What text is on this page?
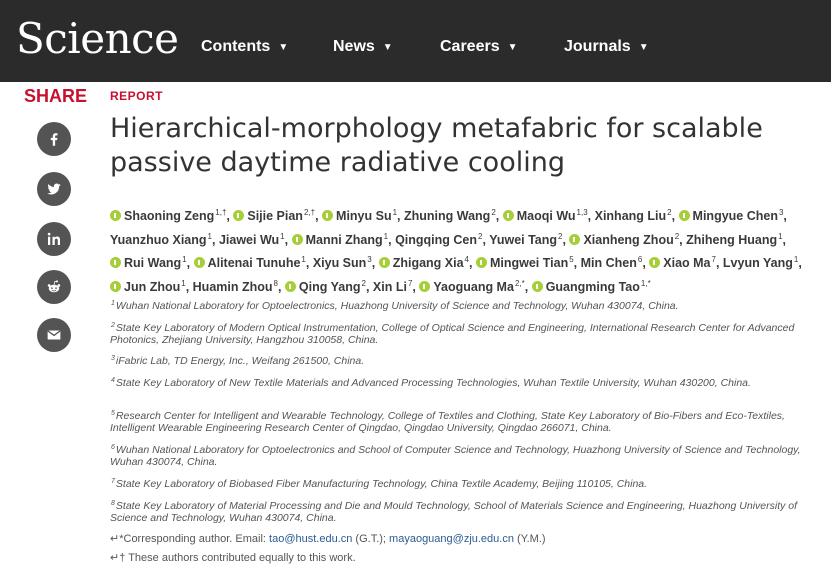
Science Contents ▼	News ▼	Careers ▼	Journals ▼
SHARE REPORT
Hierarchical-morphology metafabric for scalable
passive daytime radiative cooling
Shaoning Zeng$^{1,\dagger}$, Sijie Pian$^{2,\dagger}$, Minyu Su$^1$, Zhuning Wang$^2$, Maoqi Wu$^{1,3}$, Xinhang Liu$^2$, Mingyue Chen$^3$, Yuanzhuo Xiang$^1$, Jiawei Wu$^1$, Manni Zhang$^1$, Qingqing Cen$^2$, Yuwei Tang$^2$, Xianheng Zhou$^2$, Zhiheng Huang$^1$, Rui Wang$^1$, Alitenai Tunuhe$^1$, Xiyu Sun$^3$, Zhigang Xia$^4$, Mingwei Tian$^5$, Min Chen$^6$, Xiao Ma$^7$, Lvyun Yang$^1$, Jun Zhou$^1$, Huamin Zhou$^8$, Qing Yang$^2$, Xin Li$^7$, Yaoguang $Ma^{2,*}$, Guangming Tao$^{1,*}$
$^1$Wuhan National Laboratory for Optoelectronics, Huazhong University of Science and Technology, Wuhan 430074, China.
$^2$State Key Laboratory of Modern Optical Instrumentation, College of Optical Science and Engineering, International Research Center for Advanced Photonics, Zhejiang University, Hangzhou 310058, China.
$^3$iFabric Lab, TD Energy, Inc., Weifang 261500, China.
$^4$State Key Laboratory of New Textile Materials and Advanced Processing Technologies, Wuhan Textile University, Wuhan 430200, China.
$^5$Research Center for Intelligent and Wearable Technology, College of Textiles and Clothing, State Key Laboratory of Bio-Fibers and Eco-Textiles, Intelligent Wearable Engineering Research Center of Qingdao, Qingdao University, Qingdao 266071, China.
$^6$Wuhan National Laboratory for Optoelectronics and School of Computer Science and Technology, Huazhong University of Science and Technology, Wuhan 430074, China.
$^7$State Key Laboratory of Biobased Fiber Manufacturing Technology, China Textile Academy, Beijing 110105, China.
$^8$State Key Laboratory of Material Processing and Die and Mould Technology, School of Materials Science and Engineering, Huazhong University of Science and Technology, Wuhan 430074, China.
↵*Corresponding author. Email: tao@hust.edu.cn (G.T.); mayaoguang@zju.edu.cn (Y.M.)
↵† These authors contributed equally to this work.
